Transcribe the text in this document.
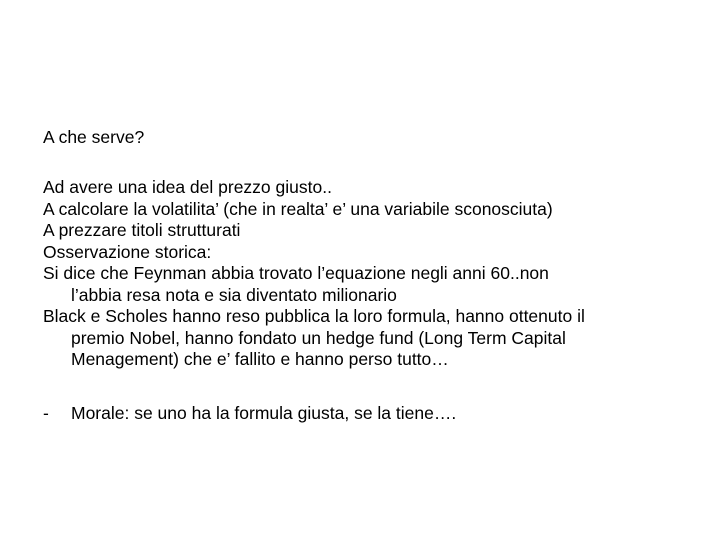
A che serve?
Ad avere una idea del prezzo giusto..
A calcolare la volatilita’ (che in realta’ e’ una variabile sconosciuta)
A prezzare titoli strutturati
Osservazione storica:
Si dice che Feynman abbia trovato l’equazione negli anni 60..non
l’abbia resa nota e sia diventato milionario
Black e Scholes hanno reso pubblica la loro formula, hanno ottenuto il
premio Nobel, hanno fondato un hedge fund (Long Term Capital
Menagement) che e’ fallito e hanno perso tutto…
- Morale: se uno ha la formula giusta, se la tiene….
